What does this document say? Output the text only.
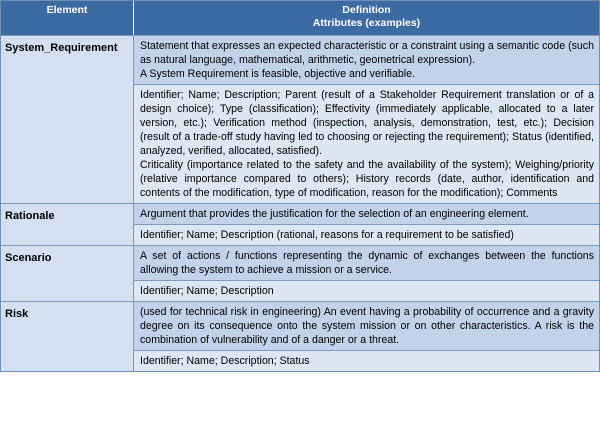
Element	Definition
Attributes (examples)
System_Requirement	Statement that expresses an expected characteristic or a constraint using a semantic code (such as natural language, mathematical, arithmetic, geometrical expression).

A System Requirement is feasible, objective and verifiable.

Identifier; Name; Description; Parent (result of a Stakeholder Requirement translation or of a design choice); Type (classification); Effectivity (immediately applicable, allocated to a later version, etc.); Verification method (inspection, analysis, demonstration, test, etc.); Decision (result of a trade-off study having led to choosing or rejecting the requirement); Status (identified, analyzed, verified, allocated, satisfied).

Criticality (importance related to the safety and the availability of the system); Weighing/priority (relative importance compared to others); History records (date, author, identification and contents of the modification, type of modification, reason for the modification); Comments

Rationale	Argument that provides the justification for the selection of an engineering element.

Identifier; Name; Description (rational, reasons for a requirement to be satisfied)

Scenario	A set of actions / functions representing the dynamic of exchanges between the functions allowing the system to achieve a mission or a service.

Identifier; Name; Description

Risk	(used for technical risk in engineering) An event having a probability of occurrence and a gravity degree on its consequence onto the system mission or on other characteristics. A risk is the combination of vulnerability and of a danger or a threat.

Identifier; Name; Description; Status
